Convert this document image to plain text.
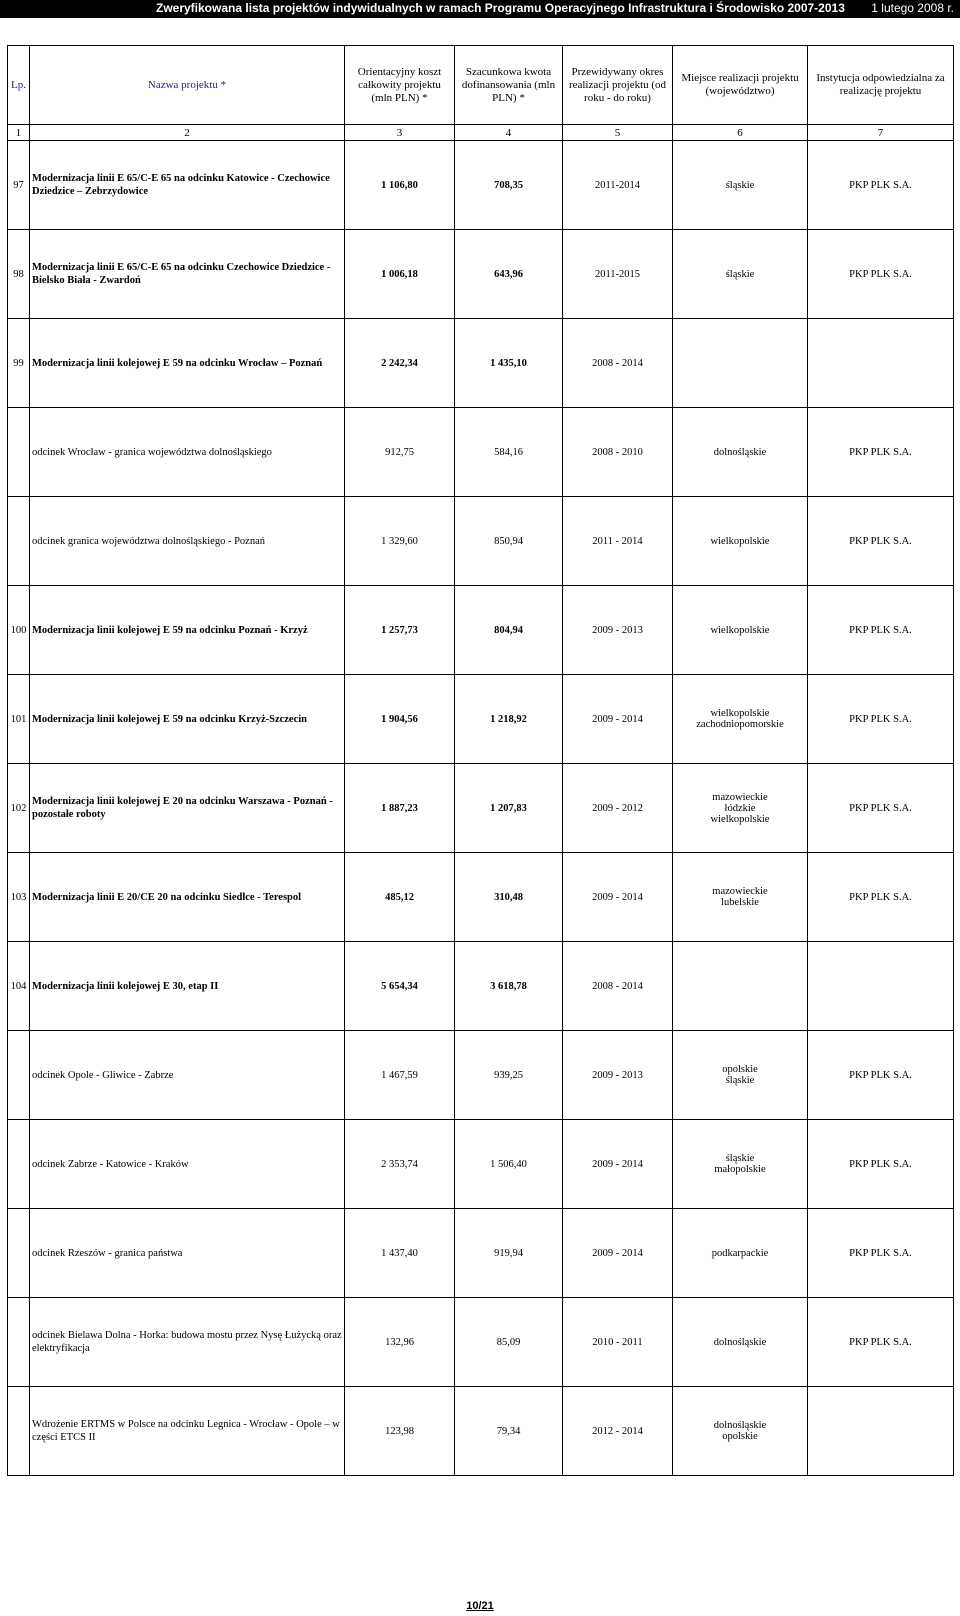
Zweryfikowana lista projektów indywidualnych w ramach Programu Operacyjnego Infrastruktura i Środowisko 2007-2013 1 lutego 2008 r.
Lp.	Nazwa projektu *	Orientacyjny koszt całkowity projektu (mln PLN) *	Szacunkowa kwota dofinansowania (mln PLN) *	Przewidywany okres realizacji projektu (od roku - do roku)	Miejsce realizacji projektu (województwo)	Instytucja odpowiedzialna za realizację projektu
1	2	3	4	5	6	7
97	Modernizacja linii E 65/C-E 65 na odcinku Katowice - Czechowice Dziedzice – Zebrzydowice	1 106,80	708,35	2011-2014	śląskie	PKP PLK S.A.
98	Modernizacja linii E 65/C-E 65 na odcinku Czechowice Dziedzice - Bielsko Biała - Zwardoń	1 006,18	643,96	2011-2015	śląskie	PKP PLK S.A.
99	Modernizacja linii kolejowej E 59 na odcinku Wrocław – Poznań	2 242,34	1 435,10	2008 - 2014		
	odcinek Wrocław - granica województwa dolnośląskiego	912,75	584,16	2008 - 2010	dolnośląskie	PKP PLK S.A.
	odcinek granica województwa dolnośląskiego - Poznań	1 329,60	850,94	2011 - 2014	wielkopolskie	PKP PLK S.A.
100	Modernizacja linii kolejowej E 59 na odcinku Poznań - Krzyż	1 257,73	804,94	2009 - 2013	wielkopolskie	PKP PLK S.A.
101	Modernizacja linii kolejowej E 59 na odcinku Krzyż-Szczecin	1 904,56	1 218,92	2009 - 2014	wielkopolskie
zachodniopomorskie	PKP PLK S.A.
102	Modernizacja linii kolejowej E 20 na odcinku Warszawa - Poznań - pozostałe roboty	1 887,23	1 207,83	2009 - 2012	mazowieckie
łódzkie
wielkopolskie	PKP PLK S.A.
103	Modernizacja linii E 20/CE 20 na odcinku Siedlce - Terespol	485,12	310,48	2009 - 2014	mazowieckie
lubelskie	PKP PLK S.A.
104	Modernizacja linii kolejowej E 30, etap II	5 654,34	3 618,78	2008 - 2014		
	odcinek Opole - Gliwice - Zabrze	1 467,59	939,25	2009 - 2013	opolskie
śląskie	PKP PLK S.A.
	odcinek Zabrze - Katowice - Kraków	2 353,74	1 506,40	2009 - 2014	śląskie
małopolskie	PKP PLK S.A.
	odcinek Rzeszów - granica państwa	1 437,40	919,94	2009 - 2014	podkarpackie	PKP PLK S.A.
	odcinek Bielawa Dolna - Horka: budowa mostu przez Nysę Łużycką oraz elektryfikacja	132,96	85,09	2010 - 2011	dolnośląskie	PKP PLK S.A.
	Wdrożenie ERTMS w Polsce na odcinku Legnica - Wrocław - Opole – w części ETCS II	123,98	79,34	2012 - 2014	dolnośląskie
opolskie	
10/21
